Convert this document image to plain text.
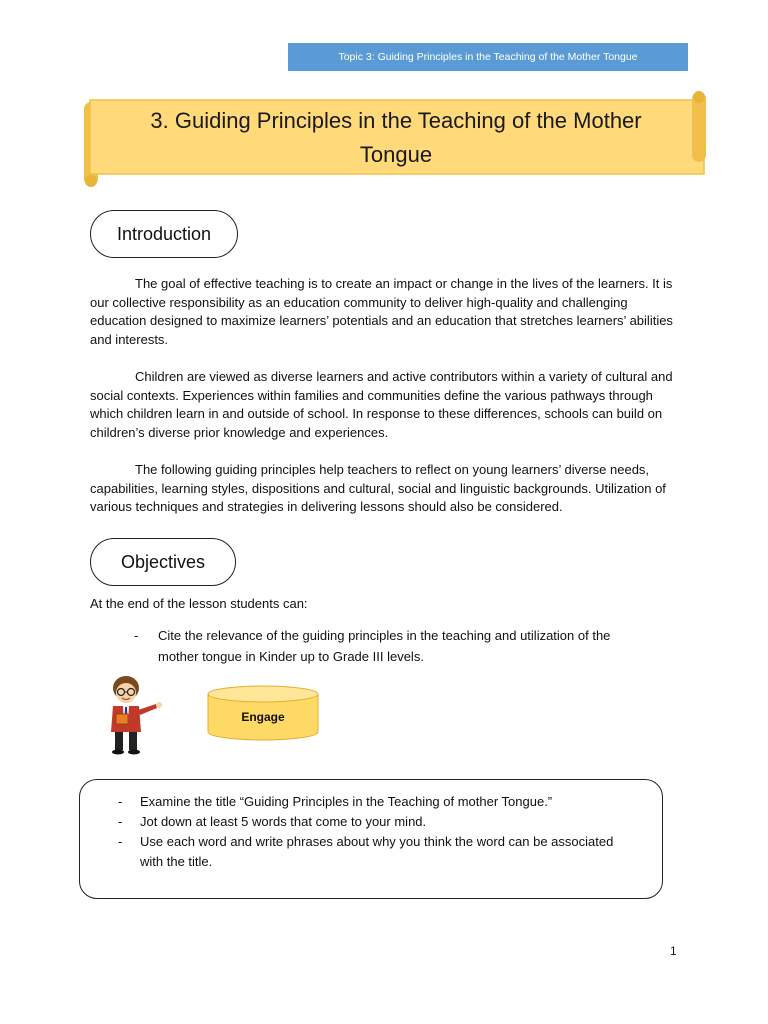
Topic 3: Guiding Principles in the Teaching of the Mother Tongue
3. Guiding Principles in the Teaching of the Mother Tongue
Introduction

The goal of effective teaching is to create an impact or change in the lives of the learners. It is our collective responsibility as an education community to deliver high-quality and challenging education designed to maximize learners’ potentials and an education that stretches learners’ abilities and interests.

Children are viewed as diverse learners and active contributors within a variety of cultural and social contexts. Experiences within families and communities define the various pathways through which children learn in and outside of school. In response to these differences, schools can build on children’s diverse prior knowledge and experiences.

The following guiding principles help teachers to reflect on young learners’ diverse needs, capabilities, learning styles, dispositions and cultural, social and linguistic backgrounds. Utilization of various techniques and strategies in delivering lessons should also be considered.

Objectives
At the end of the lesson students can:
- Cite the relevance of the guiding principles in the teaching and utilization of the mother tongue in Kinder up to Grade III levels.
Engage
- Examine the title “Guiding Principles in the Teaching of mother Tongue.”
- Jot down at least 5 words that come to your mind.
- Use each word and write phrases about why you think the word can be associated with the title.
1
